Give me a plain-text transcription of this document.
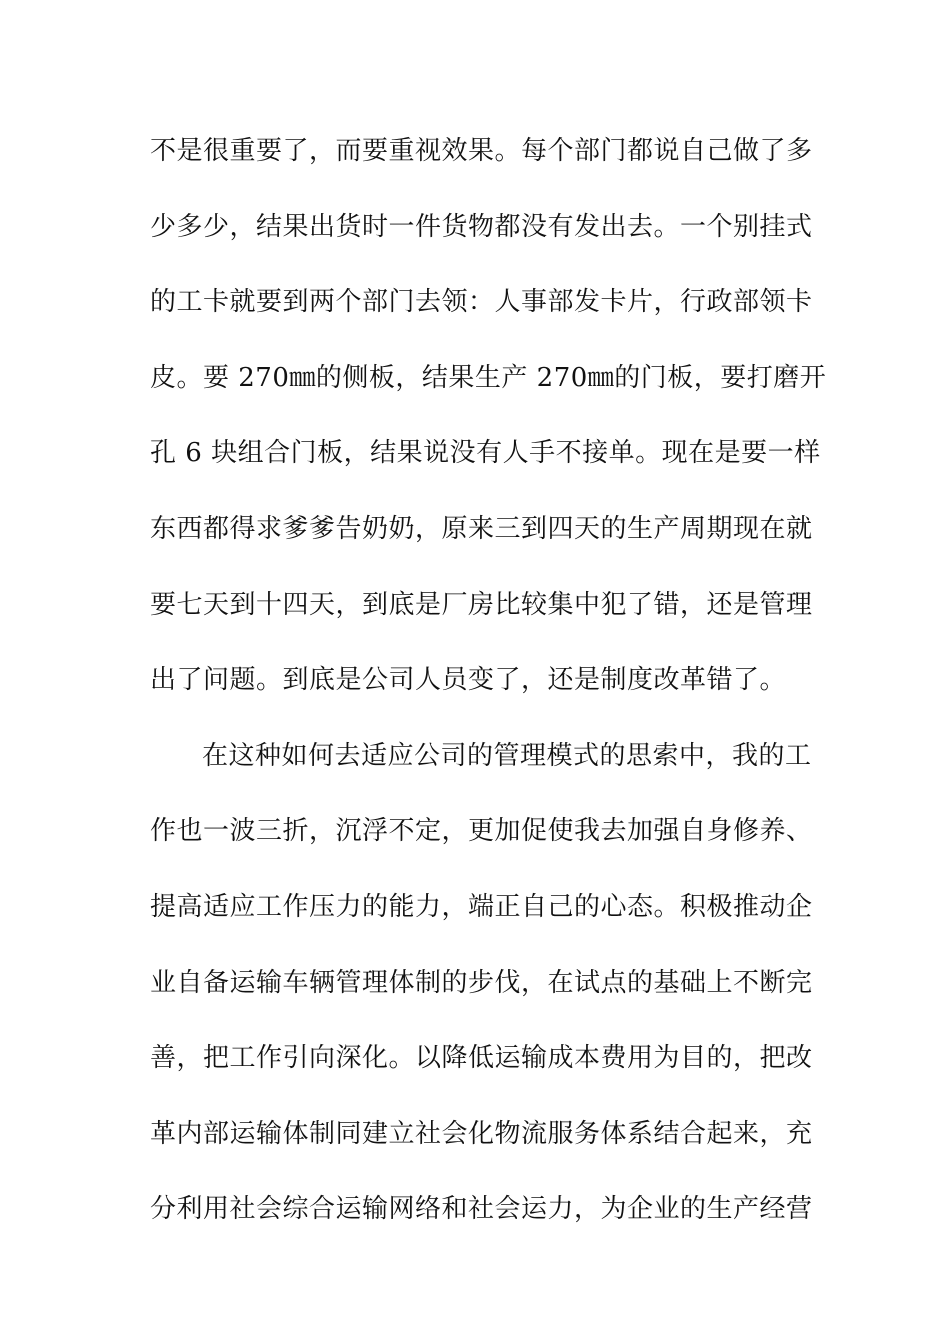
不是很重要了，而要重视效果。每个部门都说自己做了多
少多少，结果出货时一件货物都没有发出去。一个别挂式
的工卡就要到两个部门去领：人事部发卡片，行政部领卡
皮。要 270㎜的侧板，结果生产 270㎜的门板，要打磨开
孔 6 块组合门板，结果说没有人手不接单。现在是要一样
东西都得求爹爹告奶奶，原来三到四天的生产周期现在就
要七天到十四天，到底是厂房比较集中犯了错，还是管理
出了问题。到底是公司人员变了，还是制度改革错了。
在这种如何去适应公司的管理模式的思索中，我的工
作也一波三折，沉浮不定，更加促使我去加强自身修养、
提高适应工作压力的能力，端正自己的心态。积极推动企
业自备运输车辆管理体制的步伐，在试点的基础上不断完
善，把工作引向深化。以降低运输成本费用为目的，把改
革内部运输体制同建立社会化物流服务体系结合起来，充
分利用社会综合运输网络和社会运力，为企业的生产经营
